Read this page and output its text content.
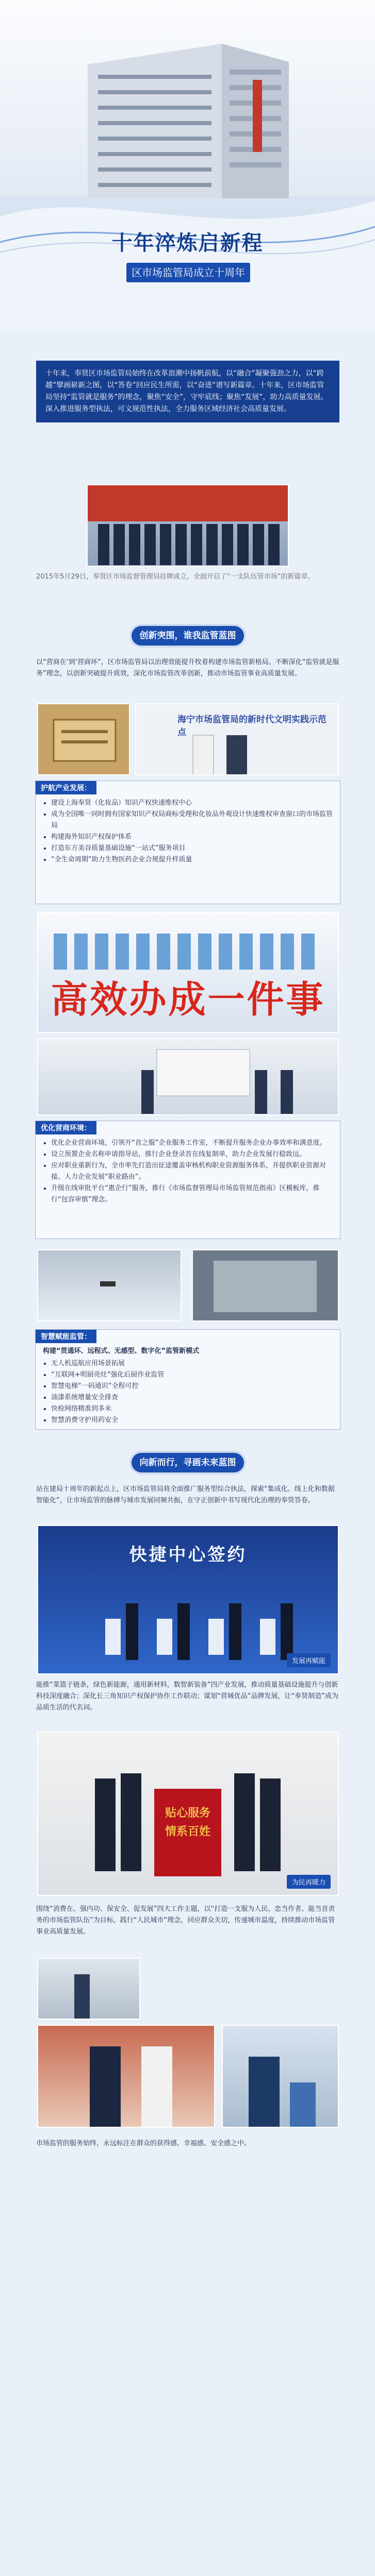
十年淬炼启新程
区市场监管局成立十周年
十年来，奉贤区市场监管局始终在改革浪潮中扬帆前航，以“融合”凝聚强劲之力，以“跨越”擘画崭新之图，以“答卷”回应民生所需，以“奋进”谱写新篇章。十年来，区市场监管局坚持“监管就是服务”的理念，聚焦“安全”，守牢底线；聚焦“发展”，助力高质量发展。深入推进服务型执法，可文规范性执法，全力服务区域经济社会高质量发展。
2015年5月29日，奉贤区市场监督管理局挂牌成立，全面开启了“一支队伍管市场”的新篇章。
创新突围，谁我监管蓝图
以“营商在‘到’营商环”，区市场监管局以治理效能提升牧着构建市场监管新格局。不断深化“监管就是服务”理念，以创新突破提升质效，深化市场监管改革创新，推动市场监管事业高质量发展。
海宁市场监管局的新时代文明实践示范点
护航产业发展：
• 建设上海奉贤（化妆品）知识产权快速维权中心
• 成为全国唯一同时拥有国家知识产权局商标受理和化妆品外观设计快速维权审查窗口的市场监管局
• 构建海外知识产权保护体系
• 打造东方美谷质量基础设施“一站式”服务项目
• “全生命周期”助力生物医药企业合规提升样质量
高效办成一件事
优化营商环境：
• 优化企业营商环境，引领开“首之服”企业服务工作室，不断提升服务企业办事效率和满意度。
• 设立预置企业名称申请指导站，推行企业登录首在线复制单，助力企业发展行稳致远。
• 应对职业重新行为，全市率先打造出征途覆盖审核机构职业资源服务体系，并提供职业资源对接、人力企业发展“职业路由”。
• 升级在线审批平台“惠企行”服务，推行《市场监督管理局市场监管规范指南》区模板库，推行“包容审慎”理念。
智慧赋能监管：
构建“贯通环、远程式、无感型、数字化”监管新模式
• 无人机巡航应用场景拓展
• “互联网+明厨亮灶”强化后厨作业监管
• 智慧电梯“一码通识”全程可控
• 油漆系统增量安全排查
• 快检网络精准到多米
• 智慧消费守护用药安全
向新而行，寻画未来蓝图
站在建局十周年的新起点上，区市场监管局将全面推广服务型综合执法，探索“集成化、线上化和数据智能化”，让市场监管的脉搏与城市发展同频共振，在守正创新中书写现代化治理的奉贤答卷。
快捷中心签约
发展再赋能
能推“菜篮子链条，绿色新能源，通用新材料，数智新装备”四产业发展，推动质量基础设施提升与创新科技深度融合；深化长三角知识产权保护协作工作联动；谋划“营城优品”品牌发展，让“奉贤制造”成为品质生活的代名词。
贴心服务
情系百姓
为民再暖力
围绕“消费在、强内功、保安全、促发展”四大工作主题，以“打造一支服为人民、忠当作者、能当首责务的市场监管队伍”为目标，践行“人民城市”理念，回应群众关切，传递城市温度，持续推动市场监管事业高质量发展。
市场监管的服务始终，永远标注在群众的获得感、幸福感、安全感之中。
